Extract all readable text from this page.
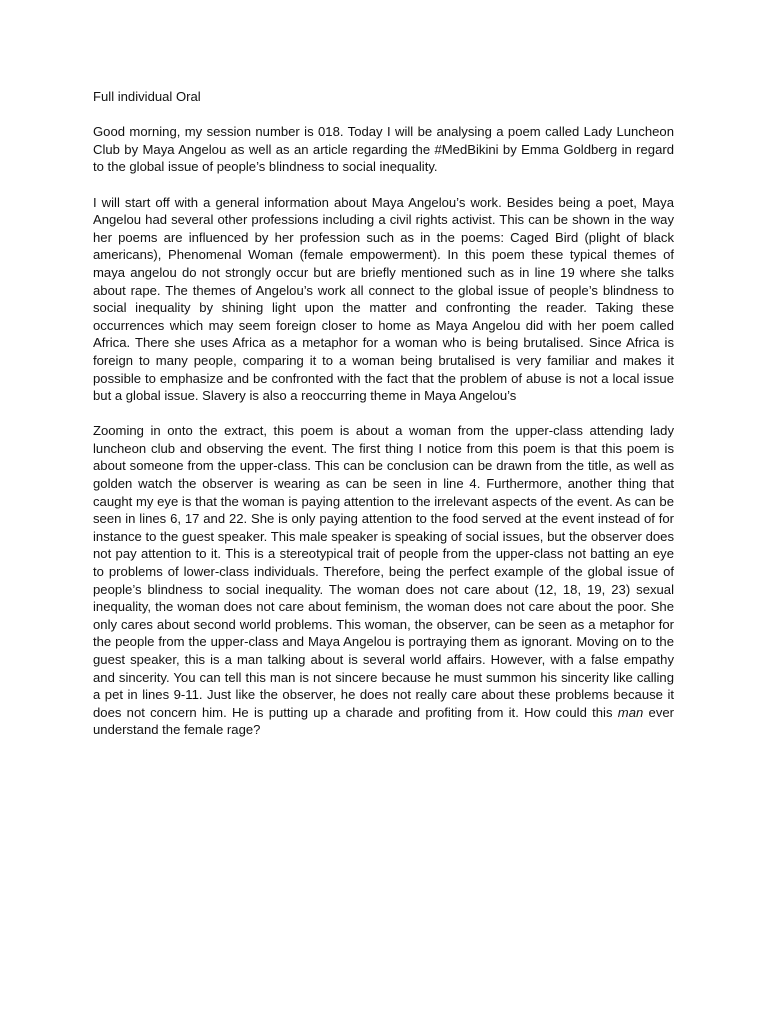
Full individual Oral

Good morning, my session number is 018. Today I will be analysing a poem called Lady Luncheon Club by Maya Angelou as well as an article regarding the #MedBikini by Emma Goldberg in regard to the global issue of people’s blindness to social inequality.

I will start off with a general information about Maya Angelou’s work. Besides being a poet, Maya Angelou had several other professions including a civil rights activist. This can be shown in the way her poems are influenced by her profession such as in the poems: Caged Bird (plight of black americans), Phenomenal Woman (female empowerment). In this poem these typical themes of maya angelou do not strongly occur but are briefly mentioned such as in line 19 where she talks about rape. The themes of Angelou’s work all connect to the global issue of people’s blindness to social inequality by shining light upon the matter and confronting the reader. Taking these occurrences which may seem foreign closer to home as Maya Angelou did with her poem called Africa. There she uses Africa as a metaphor for a woman who is being brutalised. Since Africa is foreign to many people, comparing it to a woman being brutalised is very familiar and makes it possible to emphasize and be confronted with the fact that the problem of abuse is not a local issue but a global issue. Slavery is also a reoccurring theme in Maya Angelou’s

Zooming in onto the extract, this poem is about a woman from the upper-class attending lady luncheon club and observing the event. The first thing I notice from this poem is that this poem is about someone from the upper-class. This can be conclusion can be drawn from the title, as well as golden watch the observer is wearing as can be seen in line 4. Furthermore, another thing that caught my eye is that the woman is paying attention to the irrelevant aspects of the event. As can be seen in lines 6, 17 and 22. She is only paying attention to the food served at the event instead of for instance to the guest speaker. This male speaker is speaking of social issues, but the observer does not pay attention to it. This is a stereotypical trait of people from the upper-class not batting an eye to problems of lower-class individuals. Therefore, being the perfect example of the global issue of people’s blindness to social inequality. The woman does not care about (12, 18, 19, 23) sexual inequality, the woman does not care about feminism, the woman does not care about the poor. She only cares about second world problems. This woman, the observer, can be seen as a metaphor for the people from the upper-class and Maya Angelou is portraying them as ignorant. Moving on to the guest speaker, this is a man talking about is several world affairs. However, with a false empathy and sincerity. You can tell this man is not sincere because he must summon his sincerity like calling a pet in lines 9-11. Just like the observer, he does not really care about these problems because it does not concern him. He is putting up a charade and profiting from it. How could this man ever understand the female rage?
